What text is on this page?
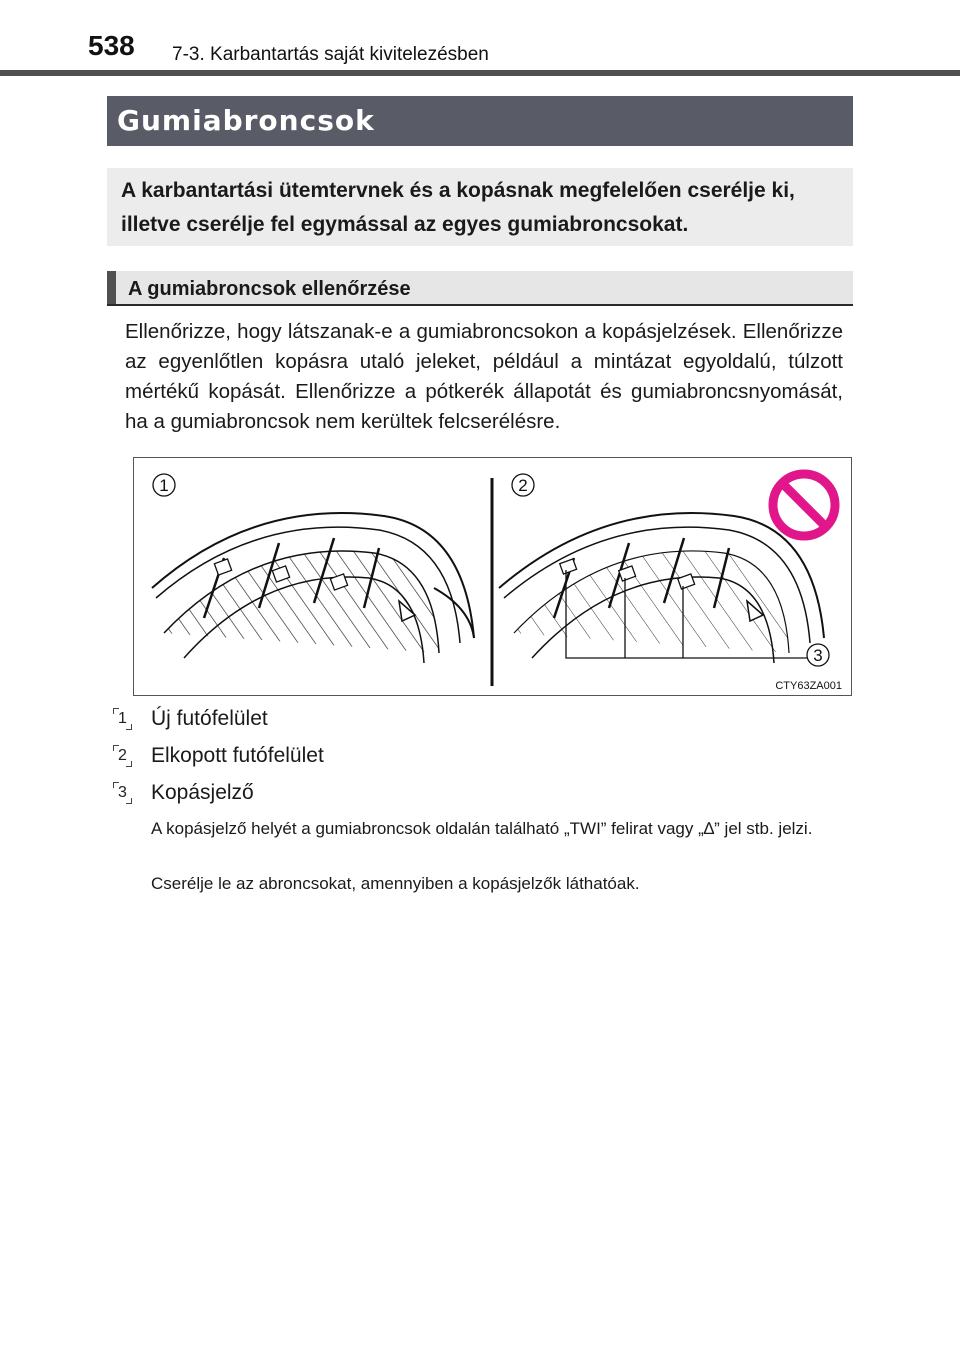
538 7-3. Karbantartás saját kivitelezésben
Gumiabroncsok
A karbantartási ütemtervnek és a kopásnak megfelelően cserélje ki, illetve cserélje fel egymással az egyes gumiabroncsokat.
A gumiabroncsok ellenőrzése
Ellenőrizze, hogy látszanak-e a gumiabroncsokon a kopásjelzések. Ellenőrizze az egyenlőtlen kopásra utaló jeleket, például a mintázat egyoldalú, túlzott mértékű kopását. Ellenőrizze a pótkerék állapotát és gumiabroncsnyomását, ha a gumiabroncsok nem kerültek felcserélésre.
1	2
3
CTY63ZA001
1 Új futófelület
2 Elkopott futófelület
3 Kopásjelző
A kopásjelző helyét a gumiabroncsok oldalán található „TWI” felirat vagy „∆” jel stb. jelzi.
Cserélje le az abroncsokat, amennyiben a kopásjelzők láthatóak.
